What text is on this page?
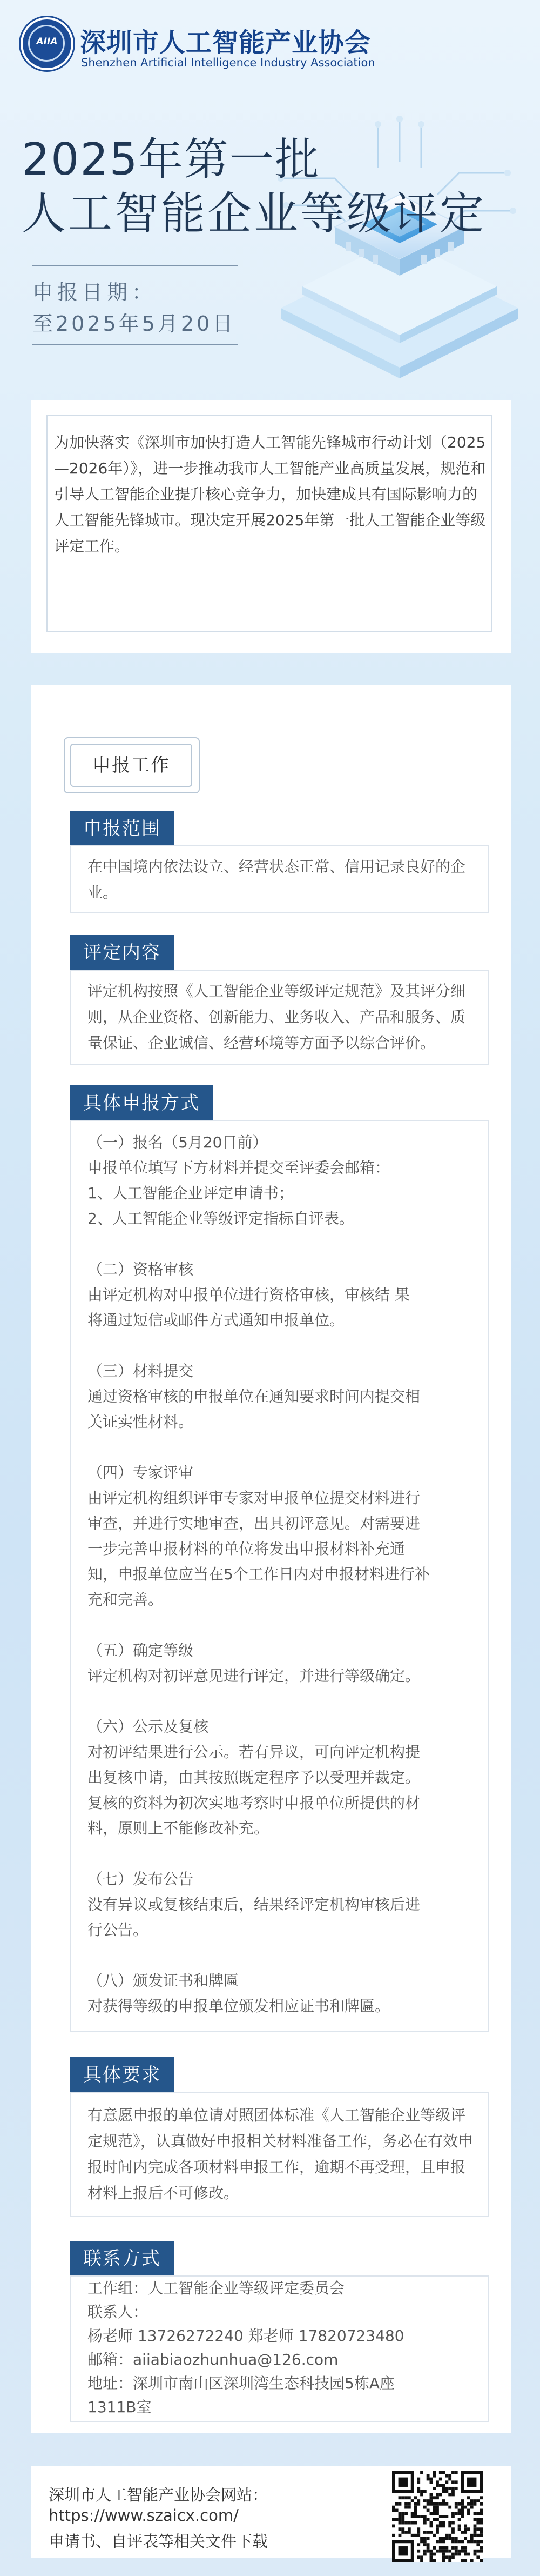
AIIA 深圳市人工智能产业协会
Shenzhen Artificial Intelligence Industry Association
2025年第一批
人工智能企业等级评定
申报日期：
至2025年5月20日
为加快落实《深圳市加快打造人工智能先锋城市行动计划（2025—2026年）》，进一步推动我市人工智能产业高质量发展，规范和引导人工智能企业提升核心竞争力，加快建成具有国际影响力的人工智能先锋城市。现决定开展2025年第一批人工智能企业等级评定工作。
申报工作
申报范围
在中国境内依法设立、经营状态正常、信用记录良好的企业。
评定内容
评定机构按照《人工智能企业等级评定规范》及其评分细则，从企业资格、创新能力、业务收入、产品和服务、质量保证、企业诚信、经营环境等方面予以综合评价。
具体申报方式
（一）报名（5月20日前）
申报单位填写下方材料并提交至评委会邮箱：
1、人工智能企业评定申请书；
2、人工智能企业等级评定指标自评表。
（二）资格审核
由评定机构对申报单位进行资格审核，审核结 果
将通过短信或邮件方式通知申报单位。
（三）材料提交
通过资格审核的申报单位在通知要求时间内提交相
关证实性材料。
（四）专家评审
由评定机构组织评审专家对申报单位提交材料进行
审查，并进行实地审查，出具初评意见。对需要进
一步完善申报材料的单位将发出申报材料补充通
知，申报单位应当在5个工作日内对申报材料进行补
充和完善。
（五）确定等级
评定机构对初评意见进行评定，并进行等级确定。
（六）公示及复核
对初评结果进行公示。若有异议，可向评定机构提
出复核申请，由其按照既定程序予以受理并裁定。
复核的资料为初次实地考察时申报单位所提供的材
料，原则上不能修改补充。
（七）发布公告
没有异议或复核结束后，结果经评定机构审核后进
行公告。
（八）颁发证书和牌匾
对获得等级的申报单位颁发相应证书和牌匾。
具体要求
有意愿申报的单位请对照团体标准《人工智能企业等级评定规范》，认真做好申报相关材料准备工作，务必在有效申报时间内完成各项材料申报工作，逾期不再受理，且申报材料上报后不可修改。
联系方式
工作组：人工智能企业等级评定委员会
联系人：
杨老师 13726272240 郑老师 17820723480
邮箱：aiiabiaozhunhua@126.com
地址：深圳市南山区深圳湾生态科技园5栋A座
1311B室
深圳市人工智能产业协会网站：
https://www.szaicx.com/
申请书、自评表等相关文件下载
